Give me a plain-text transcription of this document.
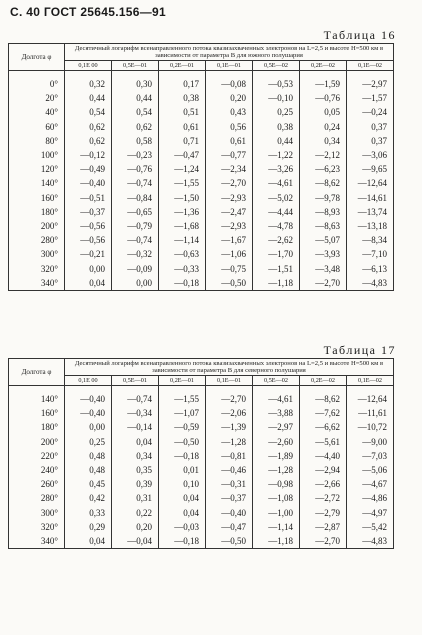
С. 40 ГОСТ 25645.156—91
Таблица 16
Долгота φ	Десятичный логарифм всенаправленного потока квазизахваченных электронов на L=2,5 и высоте H=500 км в зависимости от параметра B для южного полушария						
	0,1E 00	0,5E—01	0,2E—01	0,1E—01	0,5E—02	0,2E—02	0,1E—02
0°	0,32	0,30	0,17	—0,08	—0,53	—1,59	—2,97
20°	0,44	0,44	0,38	0,20	—0,10	—0,76	—1,57
40°	0,54	0,54	0,51	0,43	0,25	0,05	—0,24
60°	0,62	0,62	0,61	0,56	0,38	0,24	0,37
80°	0,62	0,58	0,71	0,61	0,44	0,34	0,37
100°	—0,12	—0,23	—0,47	—0,77	—1,22	—2,12	—3,06
120°	—0,49	—0,76	—1,24	—2,34	—3,26	—6,23	—9,65
140°	—0,40	—0,74	—1,55	—2,70	—4,61	—8,62	—12,64
160°	—0,51	—0,84	—1,50	—2,93	—5,02	—9,78	—14,61
180°	—0,37	—0,65	—1,36	—2,47	—4,44	—8,93	—13,74
200°	—0,56	—0,79	—1,68	—2,93	—4,78	—8,63	—13,18
280°	—0,56	—0,74	—1,14	—1,67	—2,62	—5,07	—8,34
300°	—0,21	—0,32	—0,63	—1,06	—1,70	—3,93	—7,10
320°	0,00	—0,09	—0,33	—0,75	—1,51	—3,48	—6,13
340°	0,04	0,00	—0,18	—0,50	—1,18	—2,70	—4,83
Таблица 17
Долгота φ	Десятичный логарифм всенаправленного потока квазизахваченных электронов на L=2,5 и высоте H=500 км в зависимости от параметра B для северного полушария						
	0,1E 00	0,5E—01	0,2E—01	0,1E—01	0,5E—02	0,2E—02	0,1E—02
140°	—0,40	—0,74	—1,55	—2,70	—4,61	—8,62	—12,64
160°	—0,40	—0,34	—1,07	—2,06	—3,88	—7,62	—11,61
180°	0,00	—0,14	—0,59	—1,39	—2,97	—6,62	—10,72
200°	0,25	0,04	—0,50	—1,28	—2,60	—5,61	—9,00
220°	0,48	0,34	—0,18	—0,81	—1,89	—4,40	—7,03
240°	0,48	0,35	0,01	—0,46	—1,28	—2,94	—5,06
260°	0,45	0,39	0,10	—0,31	—0,98	—2,66	—4,67
280°	0,42	0,31	0,04	—0,37	—1,08	—2,72	—4,86
300°	0,33	0,22	0,04	—0,40	—1,00	—2,79	—4,97
320°	0,29	0,20	—0,03	—0,47	—1,14	—2,87	—5,42
340°	0,04	—0,04	—0,18	—0,50	—1,18	—2,70	—4,83
